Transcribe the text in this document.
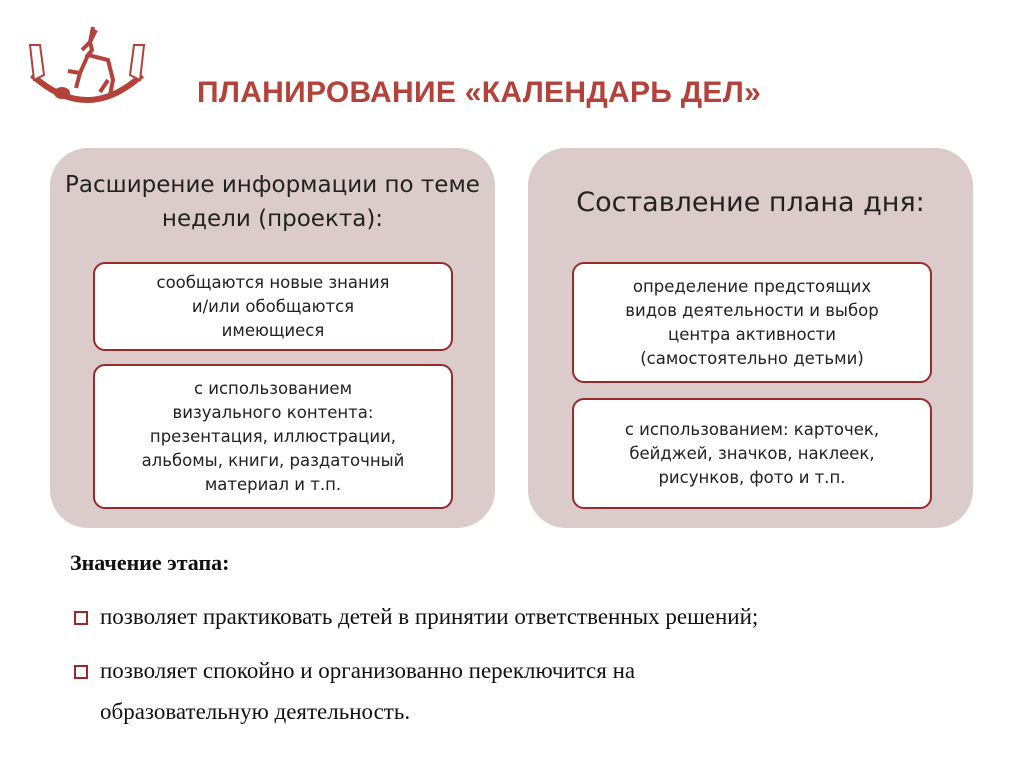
ПЛАНИРОВАНИЕ «КАЛЕНДАРЬ ДЕЛ»
Расширение информации по теме недели (проекта):
сообщаются новые знания
и/или обобщаются
имеющиеся
с использованием
визуального контента:
презентация, иллюстрации,
альбомы, книги, раздаточный
материал и т.п.
Составление плана дня:
определение предстоящих
видов деятельности и выбор
центра активности
(самостоятельно детьми)
с использованием: карточек,
бейджей, значков, наклеек,
рисунков, фото и т.п.
Значение этапа:
позволяет практиковать детей в принятии ответственных решений;
позволяет спокойно и организованно переключится на
образовательную деятельность.
